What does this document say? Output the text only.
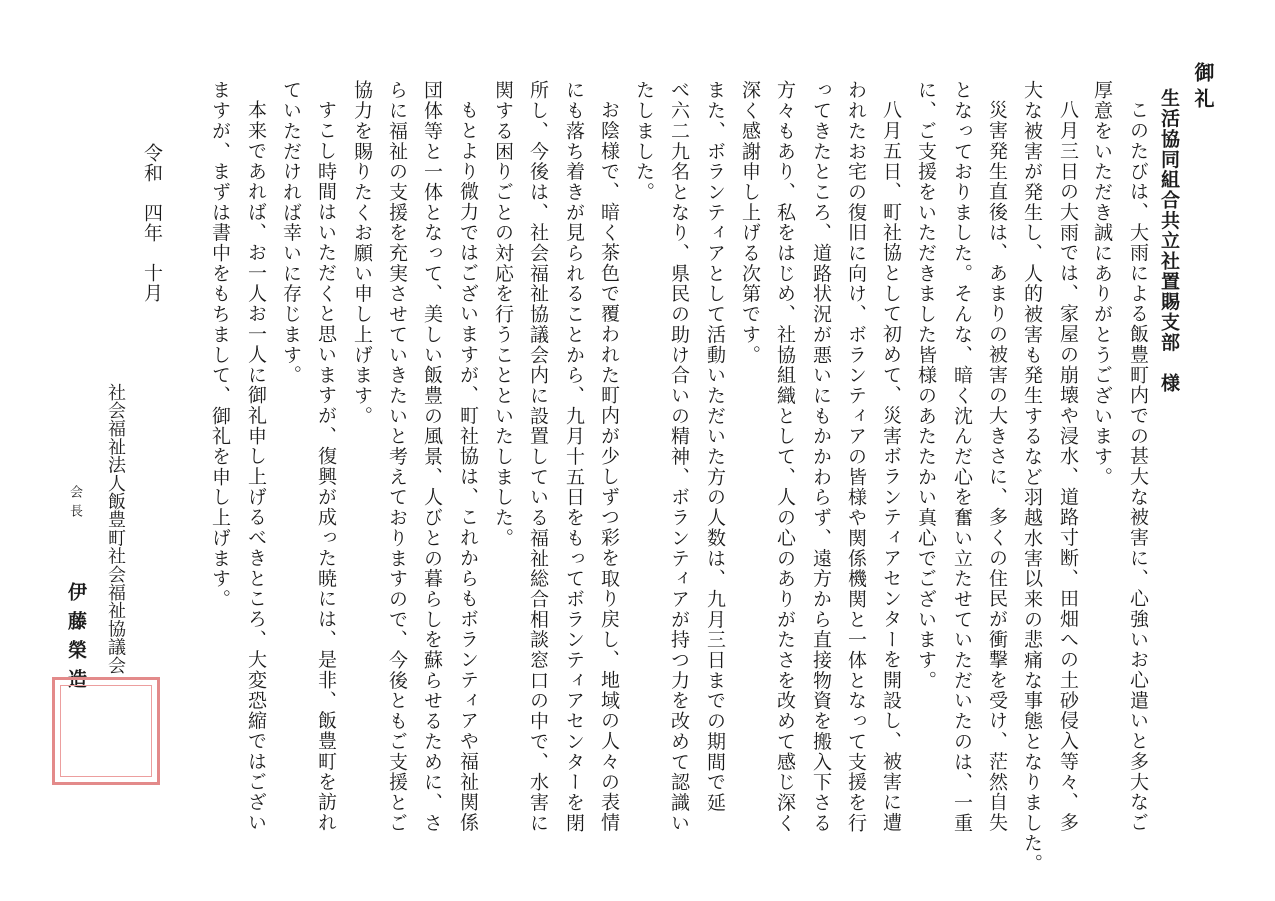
御礼
生活協同組合共立社置賜支部　様
このたびは、大雨による飯豊町内での甚大な被害に、心強いお心遣いと多大なご
厚意をいただき誠にありがとうございます。
八月三日の大雨では、家屋の崩壊や浸水、道路寸断、田畑への土砂侵入等々、多
大な被害が発生し、人的被害も発生するなど羽越水害以来の悲痛な事態となりました。
災害発生直後は、あまりの被害の大きさに、多くの住民が衝撃を受け、茫然自失
となっておりました。そんな、暗く沈んだ心を奮い立たせていただいたのは、一重
に、ご支援をいただきました皆様のあたたかい真心でございます。
八月五日、町社協として初めて、災害ボランティアセンターを開設し、被害に遭
われたお宅の復旧に向け、ボランティアの皆様や関係機関と一体となって支援を行
ってきたところ、道路状況が悪いにもかかわらず、遠方から直接物資を搬入下さる
方々もあり、私をはじめ、社協組織として、人の心のありがたさを改めて感じ深く
深く感謝申し上げる次第です。
また、ボランティアとして活動いただいた方の人数は、九月三日までの期間で延
べ六二九名となり、県民の助け合いの精神、ボランティアが持つ力を改めて認識い
たしました。
お陰様で、暗く茶色で覆われた町内が少しずつ彩を取り戻し、地域の人々の表情
にも落ち着きが見られることから、九月十五日をもってボランティアセンターを閉
所し、今後は、社会福祉協議会内に設置している福祉総合相談窓口の中で、水害に
関する困りごとの対応を行うことといたしました。
もとより微力ではございますが、町社協は、これからもボランティアや福祉関係
団体等と一体となって、美しい飯豊の風景、人びとの暮らしを蘇らせるために、さ
らに福祉の支援を充実させていきたいと考えておりますので、今後ともご支援とご
協力を賜りたくお願い申し上げます。
すこし時間はいただくと思いますが、復興が成った暁には、是非、飯豊町を訪れ
ていただければ幸いに存じます。
本来であれば、お一人お一人に御礼申し上げるべきところ、大変恐縮ではござい
ますが、まずは書中をもちまして、御礼を申し上げます。
令和　四年　十月
社会福祉法人飯豊町社会福祉協議会
会長
伊藤榮造
